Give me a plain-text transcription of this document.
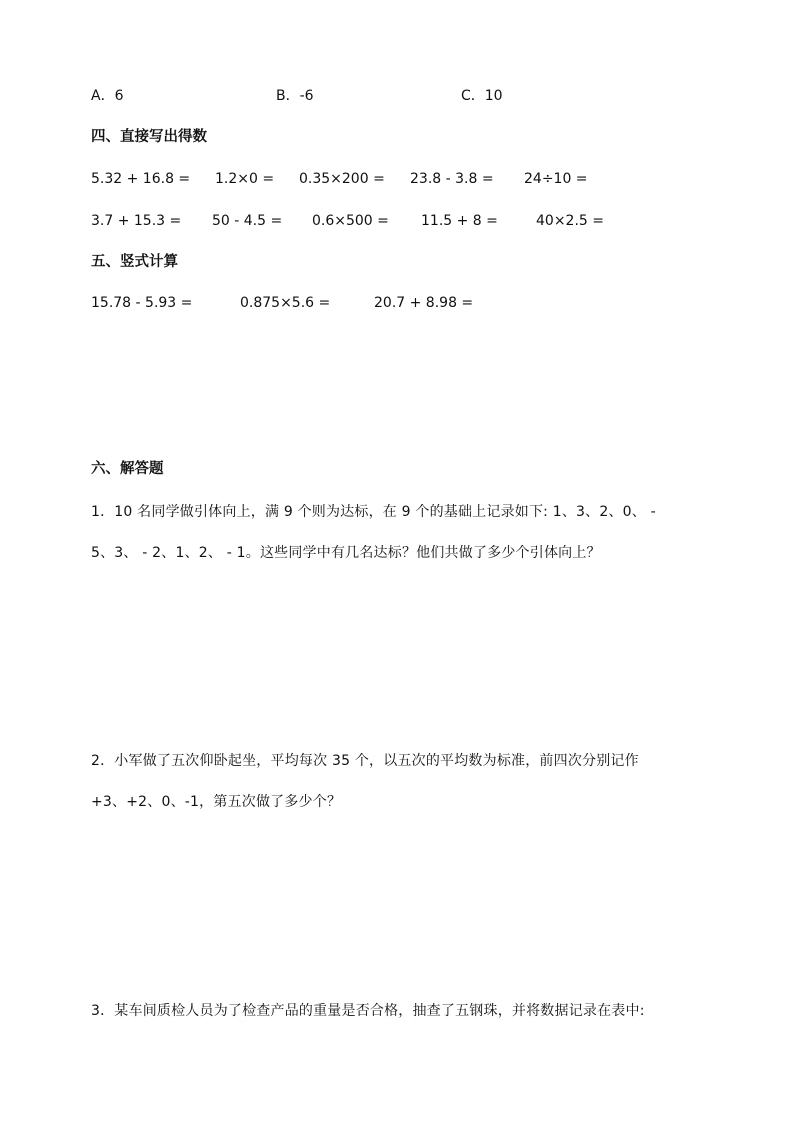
A．6	B．-6	C．10
四、直接写出得数
5.32 + 16.8 = 1.2×0 = 0.35×200 = 23.8 - 3.8 = 24÷10 =
3.7 + 15.3 = 50 - 4.5 = 0.6×500 = 11.5 + 8 =	40×2.5 =
五、竖式计算
15.78 - 5.93 =	0.875×5.6 =	20.7 + 8.98 =
六、解答题
1．10 名同学做引体向上，满 9 个则为达标，在 9 个的基础上记录如下: 1、3、2、0、 -
5、3、 - 2、1、2、 - 1。这些同学中有几名达标？他们共做了多少个引体向上？
2．小军做了五次仰卧起坐，平均每次 35 个，以五次的平均数为标准，前四次分别记作
+3、+2、0、-1，第五次做了多少个？
3．某车间质检人员为了检查产品的重量是否合格，抽查了五钢珠，并将数据记录在表中:
